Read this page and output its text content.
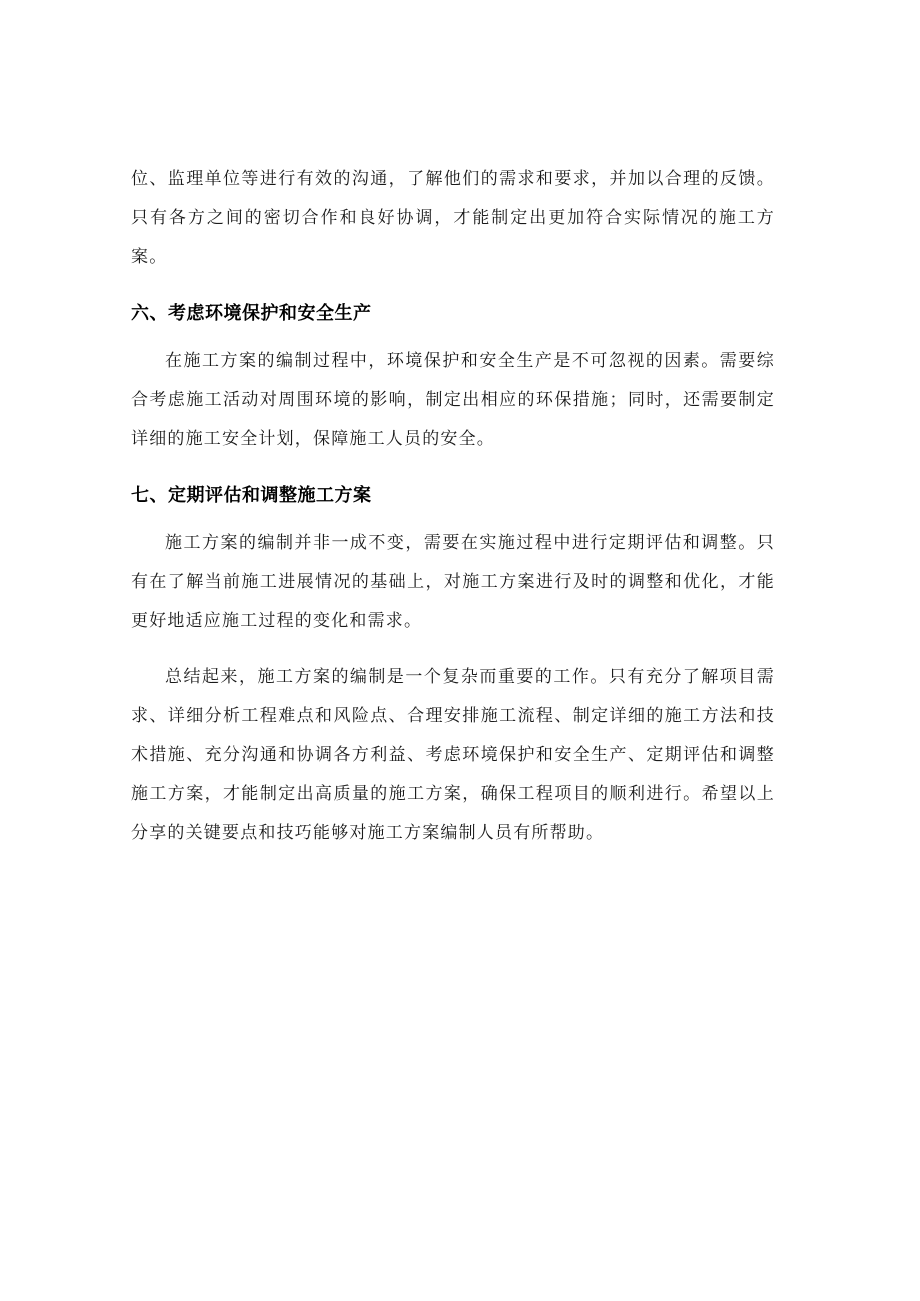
位、监理单位等进行有效的沟通，了解他们的需求和要求，并加以合理的反馈。只有各方之间的密切合作和良好协调，才能制定出更加符合实际情况的施工方案。

六、考虑环境保护和安全生产

在施工方案的编制过程中，环境保护和安全生产是不可忽视的因素。需要综合考虑施工活动对周围环境的影响，制定出相应的环保措施；同时，还需要制定详细的施工安全计划，保障施工人员的安全。

七、定期评估和调整施工方案

施工方案的编制并非一成不变，需要在实施过程中进行定期评估和调整。只有在了解当前施工进展情况的基础上，对施工方案进行及时的调整和优化，才能更好地适应施工过程的变化和需求。

总结起来，施工方案的编制是一个复杂而重要的工作。只有充分了解项目需求、详细分析工程难点和风险点、合理安排施工流程、制定详细的施工方法和技术措施、充分沟通和协调各方利益、考虑环境保护和安全生产、定期评估和调整施工方案，才能制定出高质量的施工方案，确保工程项目的顺利进行。希望以上分享的关键要点和技巧能够对施工方案编制人员有所帮助。
